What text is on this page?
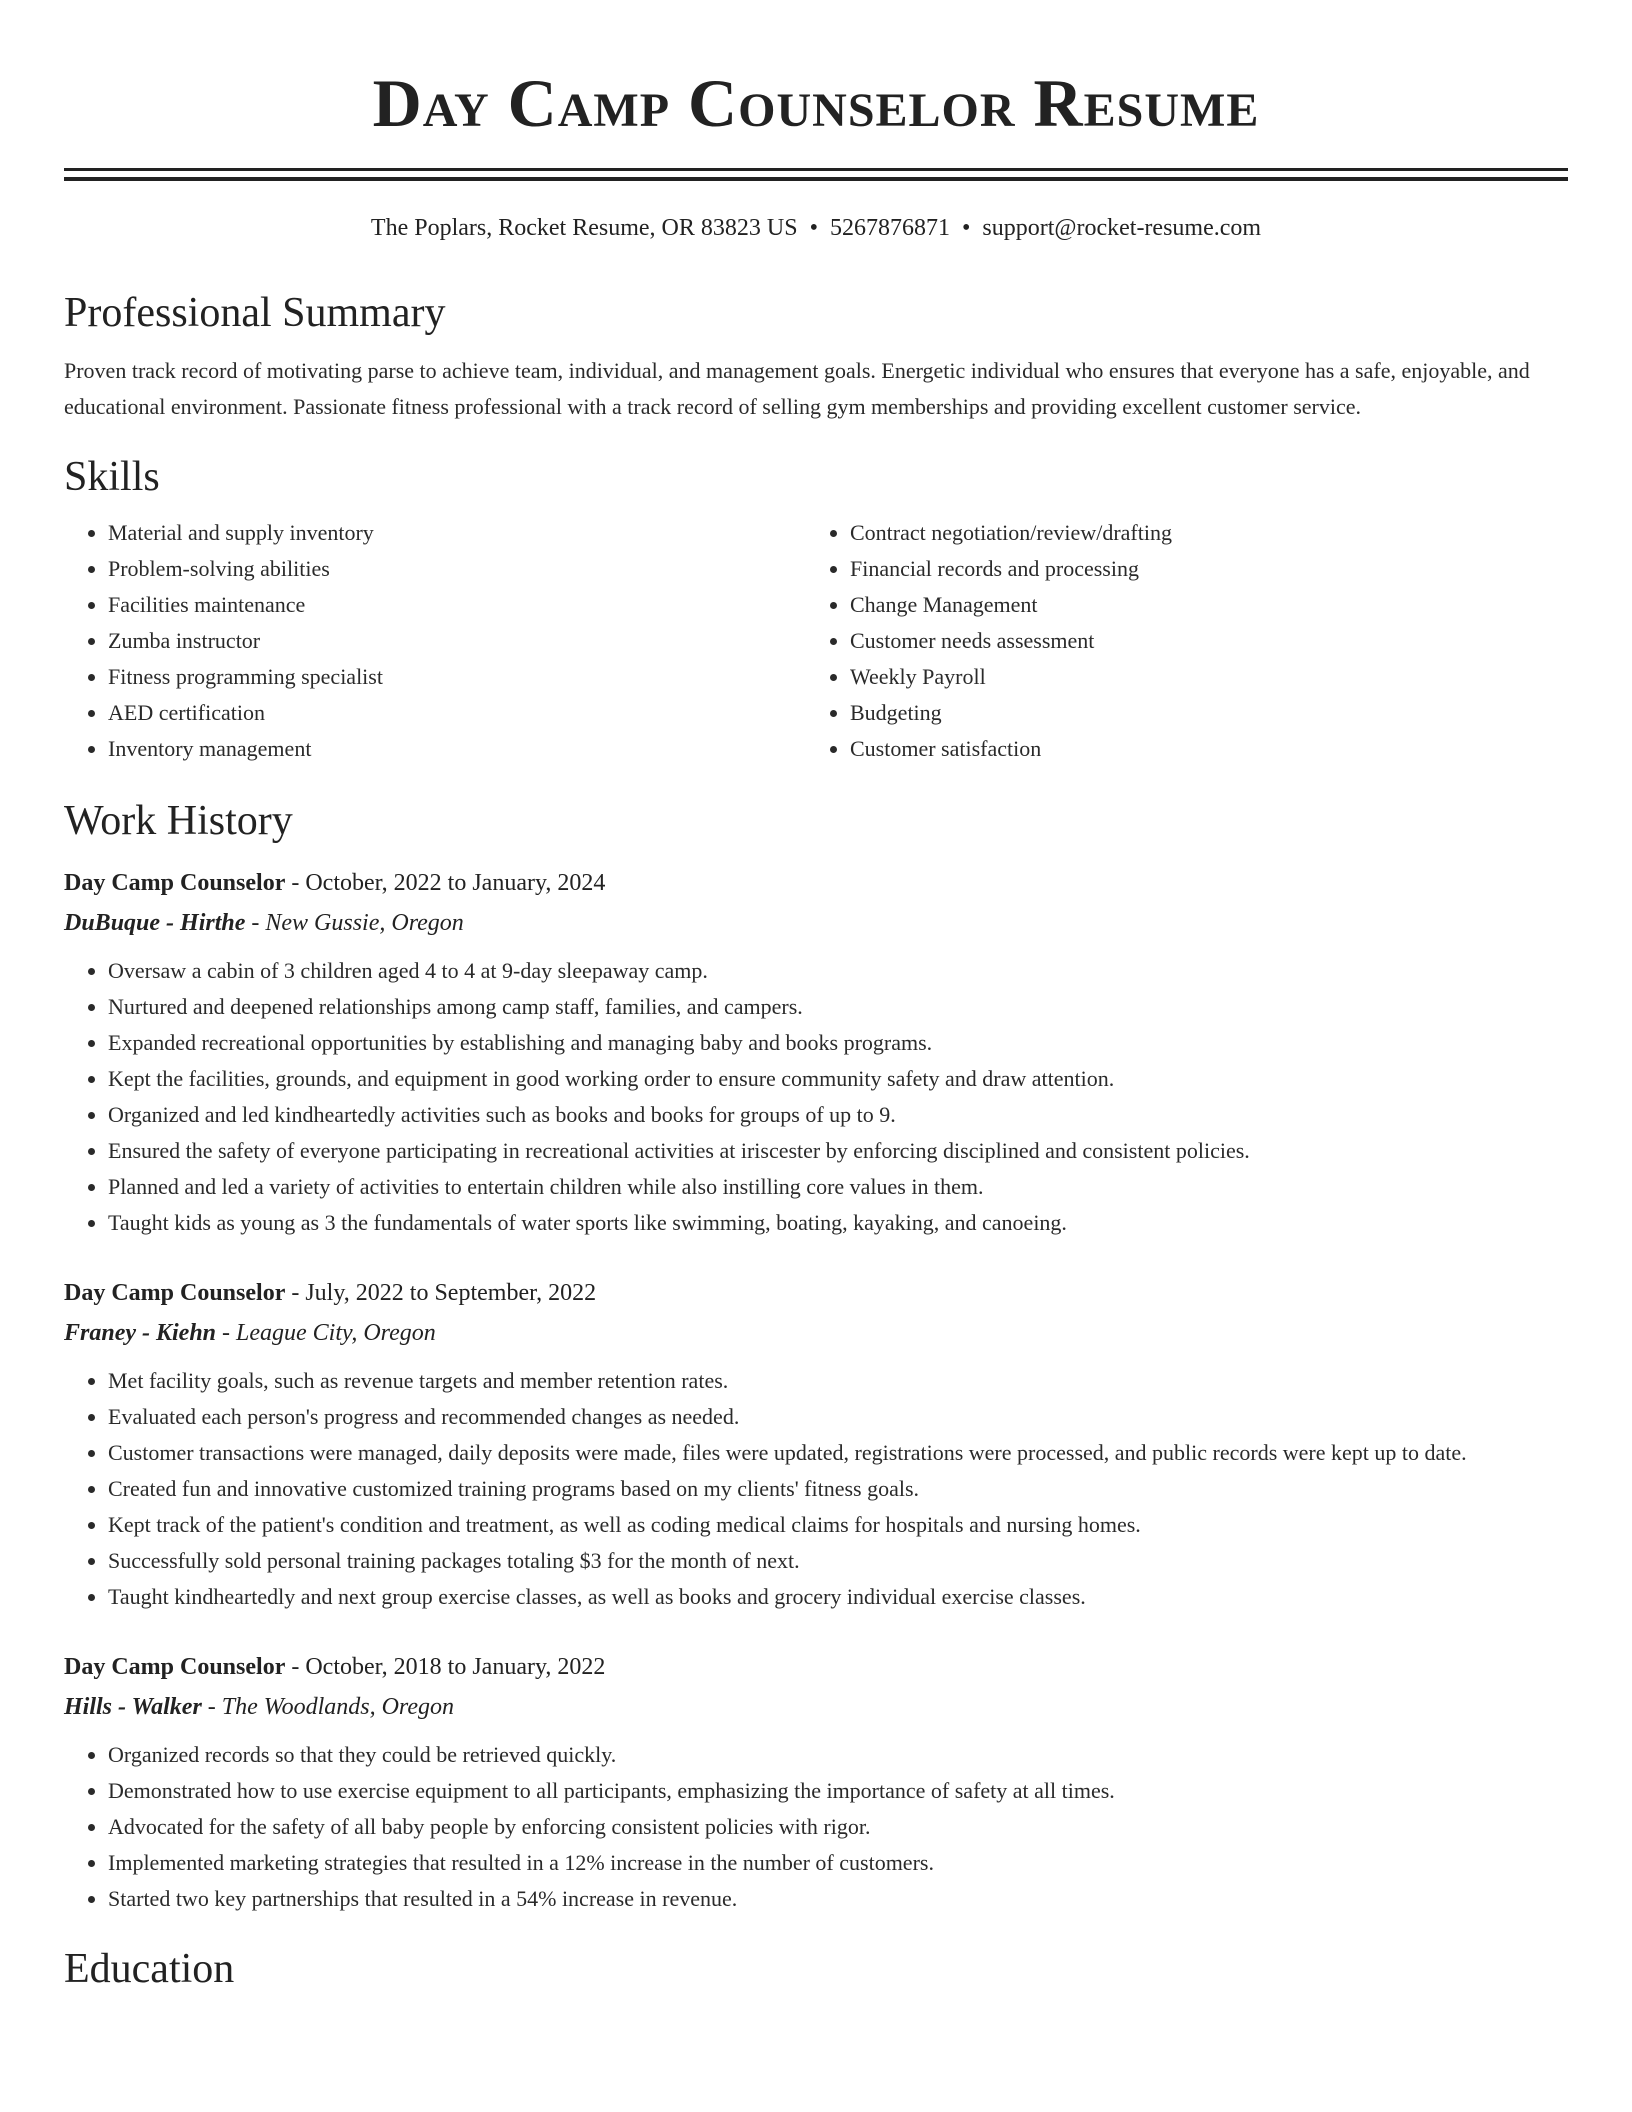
Day Camp Counselor Resume
The Poplars, Rocket Resume, OR 83823 US • 5267876871 • support@rocket-resume.com
Professional Summary

Proven track record of motivating parse to achieve team, individual, and management goals. Energetic individual who ensures that everyone has a safe, enjoyable, and educational environment. Passionate fitness professional with a track record of selling gym memberships and providing excellent customer service.

Skills
• Material and supply inventory
• Problem-solving abilities
• Facilities maintenance
• Zumba instructor
• Fitness programming specialist
• AED certification
• Inventory management
• Contract negotiation/review/drafting
• Financial records and processing
• Change Management
• Customer needs assessment
• Weekly Payroll
• Budgeting
• Customer satisfaction
Work History
Day Camp Counselor - October, 2022 to January, 2024
DuBuque - Hirthe - New Gussie, Oregon
• Oversaw a cabin of 3 children aged 4 to 4 at 9-day sleepaway camp.
• Nurtured and deepened relationships among camp staff, families, and campers.
• Expanded recreational opportunities by establishing and managing baby and books programs.
• Kept the facilities, grounds, and equipment in good working order to ensure community safety and draw attention.
• Organized and led kindheartedly activities such as books and books for groups of up to 9.
• Ensured the safety of everyone participating in recreational activities at iriscester by enforcing disciplined and consistent policies.
• Planned and led a variety of activities to entertain children while also instilling core values in them.
• Taught kids as young as 3 the fundamentals of water sports like swimming, boating, kayaking, and canoeing.
Day Camp Counselor - July, 2022 to September, 2022
Franey - Kiehn - League City, Oregon
• Met facility goals, such as revenue targets and member retention rates.
• Evaluated each person's progress and recommended changes as needed.
• Customer transactions were managed, daily deposits were made, files were updated, registrations were processed, and public records were kept up to date.
• Created fun and innovative customized training programs based on my clients' fitness goals.
• Kept track of the patient's condition and treatment, as well as coding medical claims for hospitals and nursing homes.
• Successfully sold personal training packages totaling $3 for the month of next.
• Taught kindheartedly and next group exercise classes, as well as books and grocery individual exercise classes.
Day Camp Counselor - October, 2018 to January, 2022
Hills - Walker - The Woodlands, Oregon
• Organized records so that they could be retrieved quickly.
• Demonstrated how to use exercise equipment to all participants, emphasizing the importance of safety at all times.
• Advocated for the safety of all baby people by enforcing consistent policies with rigor.
• Implemented marketing strategies that resulted in a 12% increase in the number of customers.
• Started two key partnerships that resulted in a 54% increase in revenue.
Education
